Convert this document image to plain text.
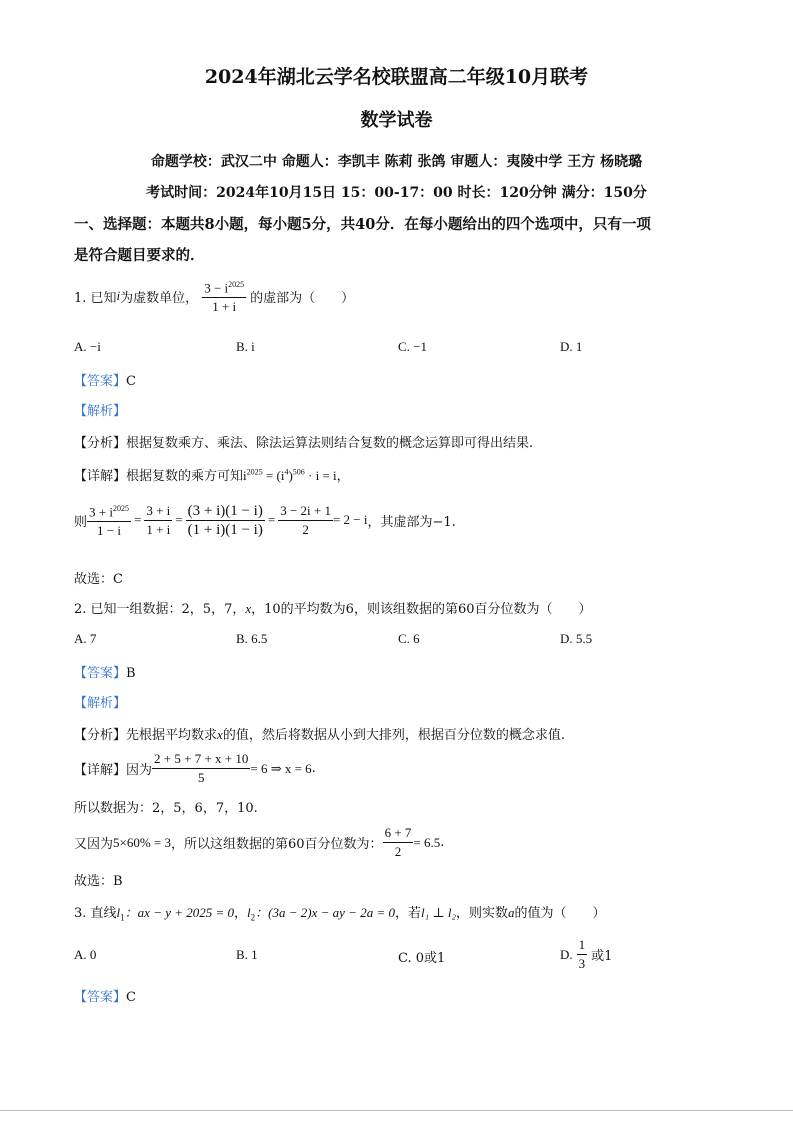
2024年湖北云学名校联盟高二年级10月联考
数学试卷
命题学校：武汉二中 命题人：李凯丰 陈莉 张鸽 审题人：夷陵中学 王方 杨晓璐
考试时间：2024年10月15日 15：00-17：00 时长：120分钟 满分：150分
一、选择题：本题共8小题，每小题5分，共40分．在每小题给出的四个选项中，只有一项
是符合题目要求的．
1. 已知 i 为虚数单位， $\frac{3 - i^{2025}}{1 + i}$ 的虚部为（　　）
A. −i	B. i	C. −1	D. 1
【答案】C
【解析】
【分析】根据复数乘方、乘法、除法运算法则结合复数的概念运算即可得出结果.
【详解】根据复数的乘方可知$i^{2025} = (i^4)^{506} \cdot i = i$，
则 $\frac{3 + i^{2025}}{1 - i} = \frac{3 + i}{1 + i} = \frac{(3 + i)(1 - i)}{(1 + i)(1 - i)} = \frac{3 - 2i + 1}{2} = 2 - i$ ，其虚部为−1.
故选：C
2. 已知一组数据：2，5，7，x，10的平均数为6，则该组数据的第60百分位数为（　　）
A. 7	B. 6.5	C. 6	D. 5.5
【答案】B
【解析】
【分析】先根据平均数求x的值，然后将数据从小到大排列，根据百分位数的概念求值.
【详解】 因为 $\frac{2 + 5 + 7 + x + 10}{5} = 6$ ⇒ x = 6 .
所以数据为：2，5，6，7，10.
又因为 5×60% = 3 ，所以这组数据的第60百分位数为： $\frac{6 + 7}{2} = 6.5$ .
故选：B
3. 直线$l_1$：ax − y + 2025 = 0，$l_2$：(3a − 2)x − ay − 2a = 0，若l₁ ⊥ l₂，则实数a的值为（　　）
A. 0	B. 1	C. 0或1	D. $\frac{1}{3}$ 或1
【答案】C
